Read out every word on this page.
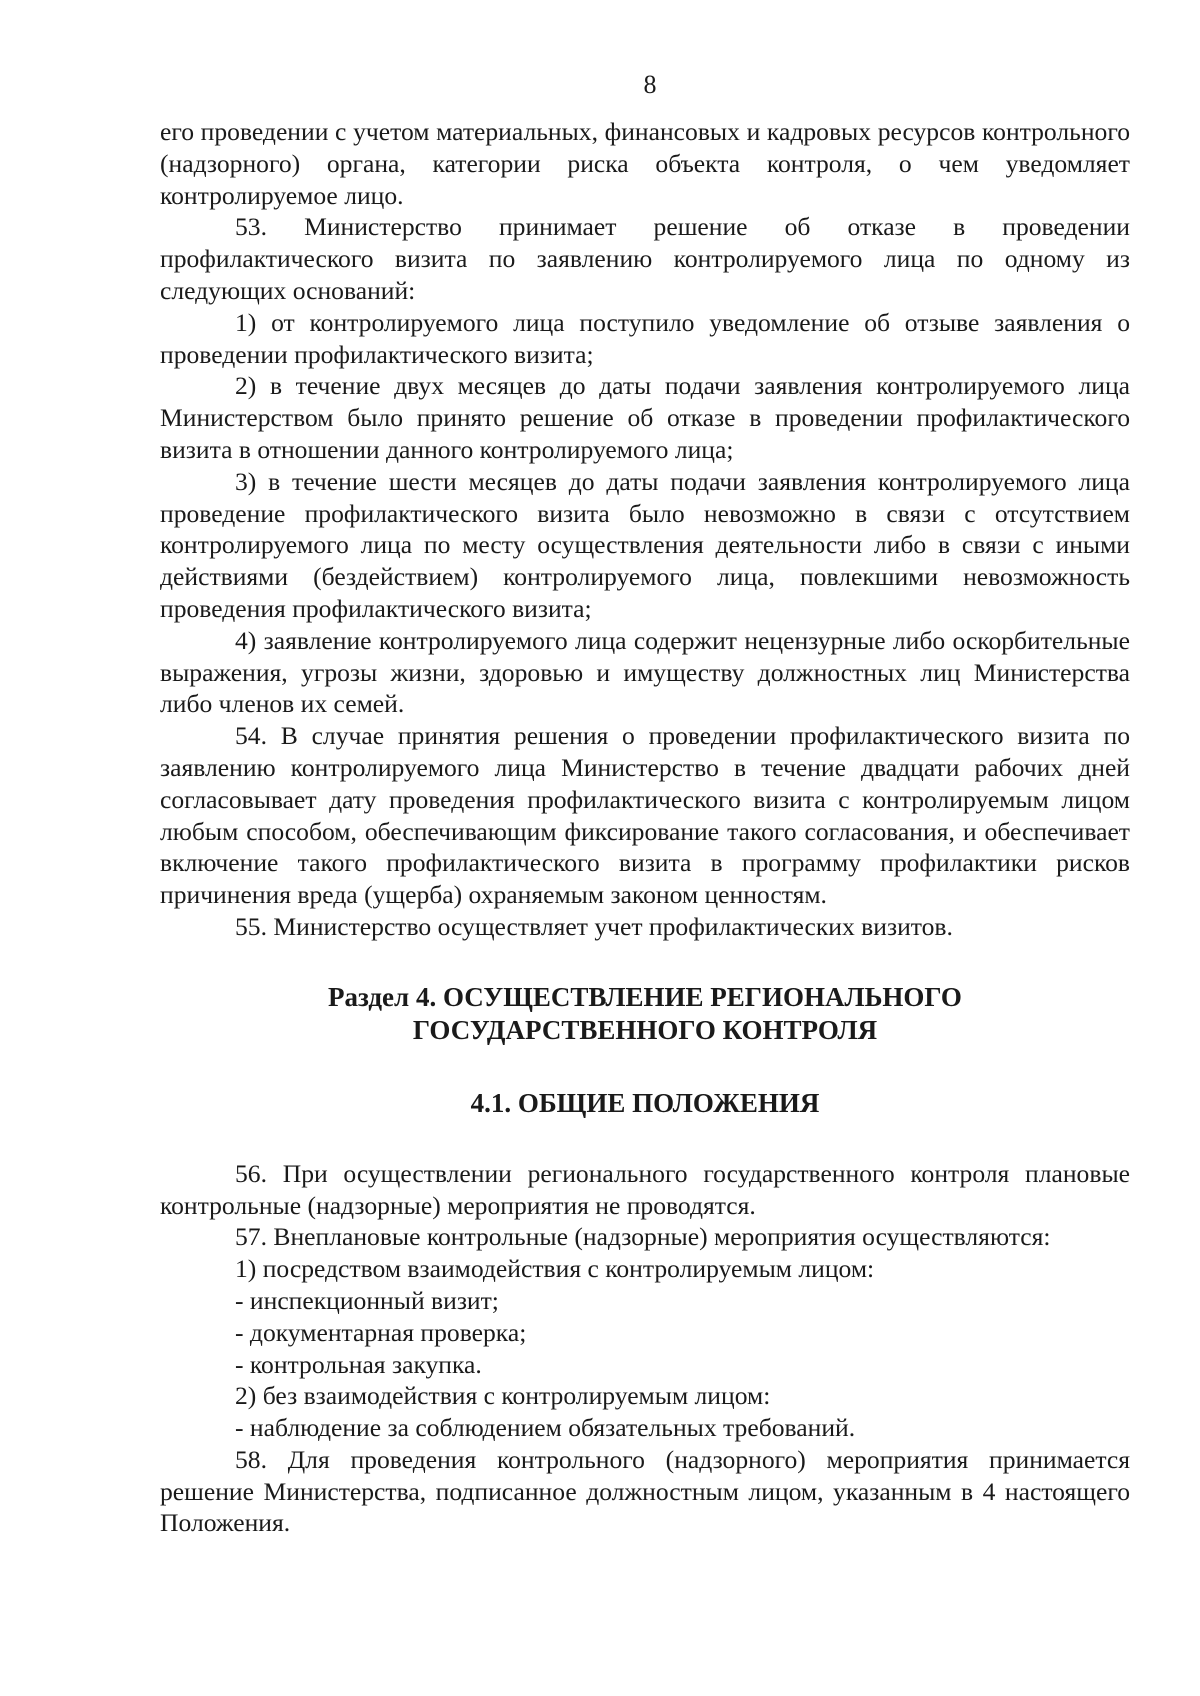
8

его проведении с учетом материальных, финансовых и кадровых ресурсов контрольного (надзорного) органа, категории риска объекта контроля, о чем уведомляет контролируемое лицо.

53. Министерство принимает решение об отказе в проведении профилактического визита по заявлению контролируемого лица по одному из следующих оснований:

1) от контролируемого лица поступило уведомление об отзыве заявления о проведении профилактического визита;

2) в течение двух месяцев до даты подачи заявления контролируемого лица Министерством было принято решение об отказе в проведении профилактического визита в отношении данного контролируемого лица;

3) в течение шести месяцев до даты подачи заявления контролируемого лица проведение профилактического визита было невозможно в связи с отсутствием контролируемого лица по месту осуществления деятельности либо в связи с иными действиями (бездействием) контролируемого лица, повлекшими невозможность проведения профилактического визита;

4) заявление контролируемого лица содержит нецензурные либо оскорбительные выражения, угрозы жизни, здоровью и имуществу должностных лиц Министерства либо членов их семей.

54. В случае принятия решения о проведении профилактического визита по заявлению контролируемого лица Министерство в течение двадцати рабочих дней согласовывает дату проведения профилактического визита с контролируемым лицом любым способом, обеспечивающим фиксирование такого согласования, и обеспечивает включение такого профилактического визита в программу профилактики рисков причинения вреда (ущерба) охраняемым законом ценностям.

55. Министерство осуществляет учет профилактических визитов.

Раздел 4. ОСУЩЕСТВЛЕНИЕ РЕГИОНАЛЬНОГО
ГОСУДАРСТВЕННОГО КОНТРОЛЯ
4.1. ОБЩИЕ ПОЛОЖЕНИЯ

56. При осуществлении регионального государственного контроля плановые контрольные (надзорные) мероприятия не проводятся.

57. Внеплановые контрольные (надзорные) мероприятия осуществляются:

1) посредством взаимодействия с контролируемым лицом:

- инспекционный визит;

- документарная проверка;

- контрольная закупка.

2) без взаимодействия с контролируемым лицом:

- наблюдение за соблюдением обязательных требований.

58. Для проведения контрольного (надзорного) мероприятия принимается решение Министерства, подписанное должностным лицом, указанным в 4 настоящего Положения.
